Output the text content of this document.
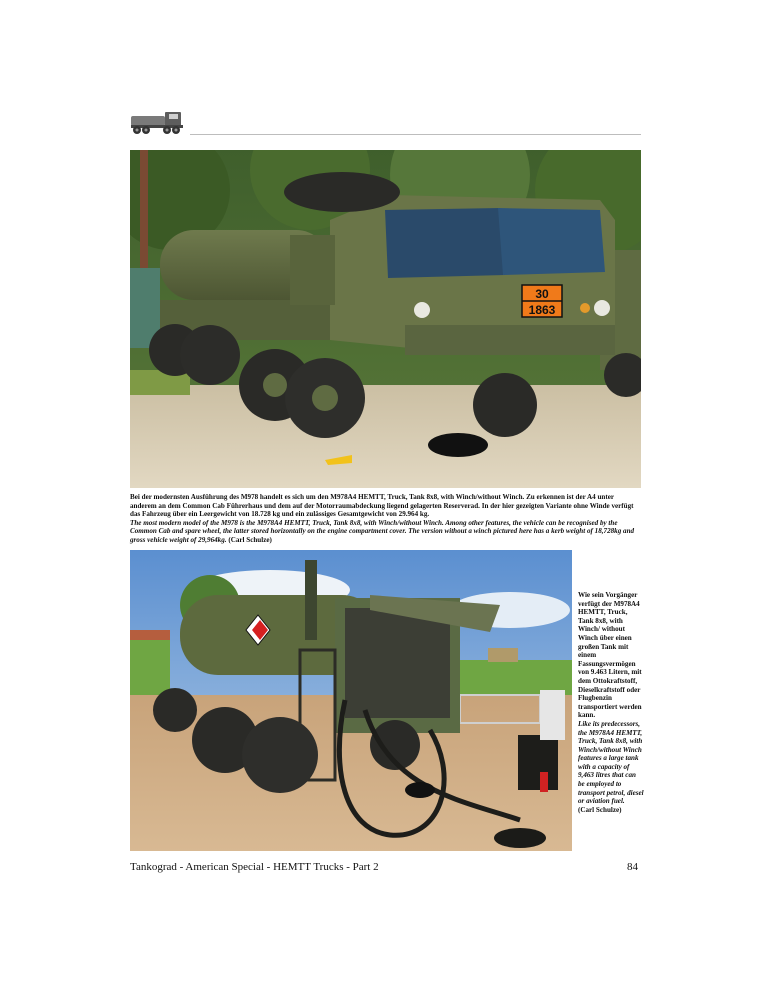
30
1863
Bei der modernsten Ausführung des M978 handelt es sich um den M978A4 HEMTT, Truck, Tank 8x8, with Winch/without Winch. Zu erkennen ist der A4 unter anderem an dem Common Cab Führerhaus und dem auf der Motorraumabdeckung liegend gelagerten Reserverad. In der hier gezeigten Variante ohne Winde verfügt das Fahrzeug über ein Leergewicht von 18.728 kg und ein zulässiges Gesamtgewicht von 29.964 kg.
The most modern model of the M978 is the M978A4 HEMTT, Truck, Tank 8x8, with Winch/without Winch. Among other features, the vehicle can be recognised by the Common Cab and spare wheel, the latter stored horizontally on the engine compartment cover. The version without a winch pictured here has a kerb weight of 18,728kg and gross vehicle weight of 29,964kg. (Carl Schulze)
Wie sein Vorgänger verfügt der M978A4 HEMTT, Truck, Tank 8x8, with Winch/ without Winch über einen großen Tank mit einem Fassungsvermögen von 9.463 Litern, mit dem Ottokraftstoff, Dieselkraftstoff oder Flugbenzin transportiert werden kann.
Like its predecessors, the M978A4 HEMTT, Truck, Tank 8x8, with Winch/without Winch features a large tank with a capacity of 9,463 litres that can be employed to transport petrol, diesel or aviation fuel.
(Carl Schulze)
Tankograd - American Special - HEMTT Trucks - Part 2	84
